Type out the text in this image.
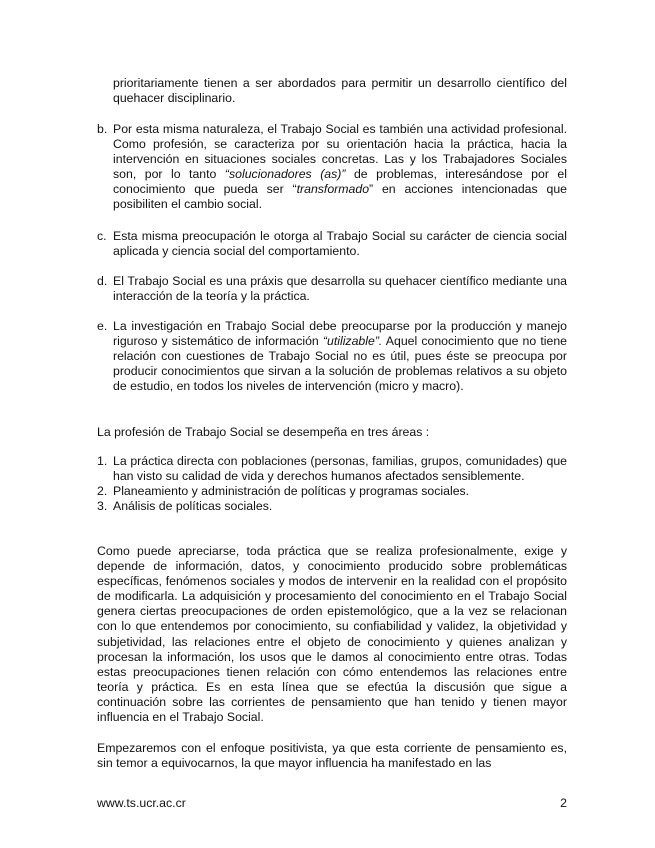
prioritariamente tienen a ser abordados para permitir un desarrollo científico del quehacer disciplinario.
b. Por esta misma naturaleza, el Trabajo Social es también una actividad profesional. Como profesión, se caracteriza por su orientación hacia la práctica, hacia la intervención en situaciones sociales concretas. Las y los Trabajadores Sociales son, por lo tanto “solucionadores (as)” de problemas, interesándose por el conocimiento que pueda ser “transformado” en acciones intencionadas que posibiliten el cambio social.
c. Esta misma preocupación le otorga al Trabajo Social su carácter de ciencia social aplicada y ciencia social del comportamiento.
d. El Trabajo Social es una práxis que desarrolla su quehacer científico mediante una interacción de la teoría y la práctica.
e. La investigación en Trabajo Social debe preocuparse por la producción y manejo riguroso y sistemático de información “utilizable”. Aquel conocimiento que no tiene relación con cuestiones de Trabajo Social no es útil, pues éste se preocupa por producir conocimientos que sirvan a la solución de problemas relativos a su objeto de estudio, en todos los niveles de intervención (micro y macro).
La profesión de Trabajo Social se desempeña en tres áreas :
1. La práctica directa con poblaciones (personas, familias, grupos, comunidades) que han visto su calidad de vida y derechos humanos afectados sensiblemente.
2. Planeamiento y administración de políticas y programas sociales.
3. Análisis de políticas sociales.
Como puede apreciarse, toda práctica que se realiza profesionalmente, exige y depende de información, datos, y conocimiento producido sobre problemáticas específicas, fenómenos sociales y modos de intervenir en la realidad con el propósito de modificarla. La adquisición y procesamiento del conocimiento en el Trabajo Social genera ciertas preocupaciones de orden epistemológico, que a la vez se relacionan con lo que entendemos por conocimiento, su confiabilidad y validez, la objetividad y subjetividad, las relaciones entre el objeto de conocimiento y quienes analizan y procesan la información, los usos que le damos al conocimiento entre otras. Todas estas preocupaciones tienen relación con cómo entendemos las relaciones entre teoría y práctica. Es en esta línea que se efectúa la discusión que sigue a continuación sobre las corrientes de pensamiento que han tenido y tienen mayor influencia en el Trabajo Social.
Empezaremos con el enfoque positivista, ya que esta corriente de pensamiento es, sin temor a equivocarnos, la que mayor influencia ha manifestado en las
www.ts.ucr.ac.cr	2
